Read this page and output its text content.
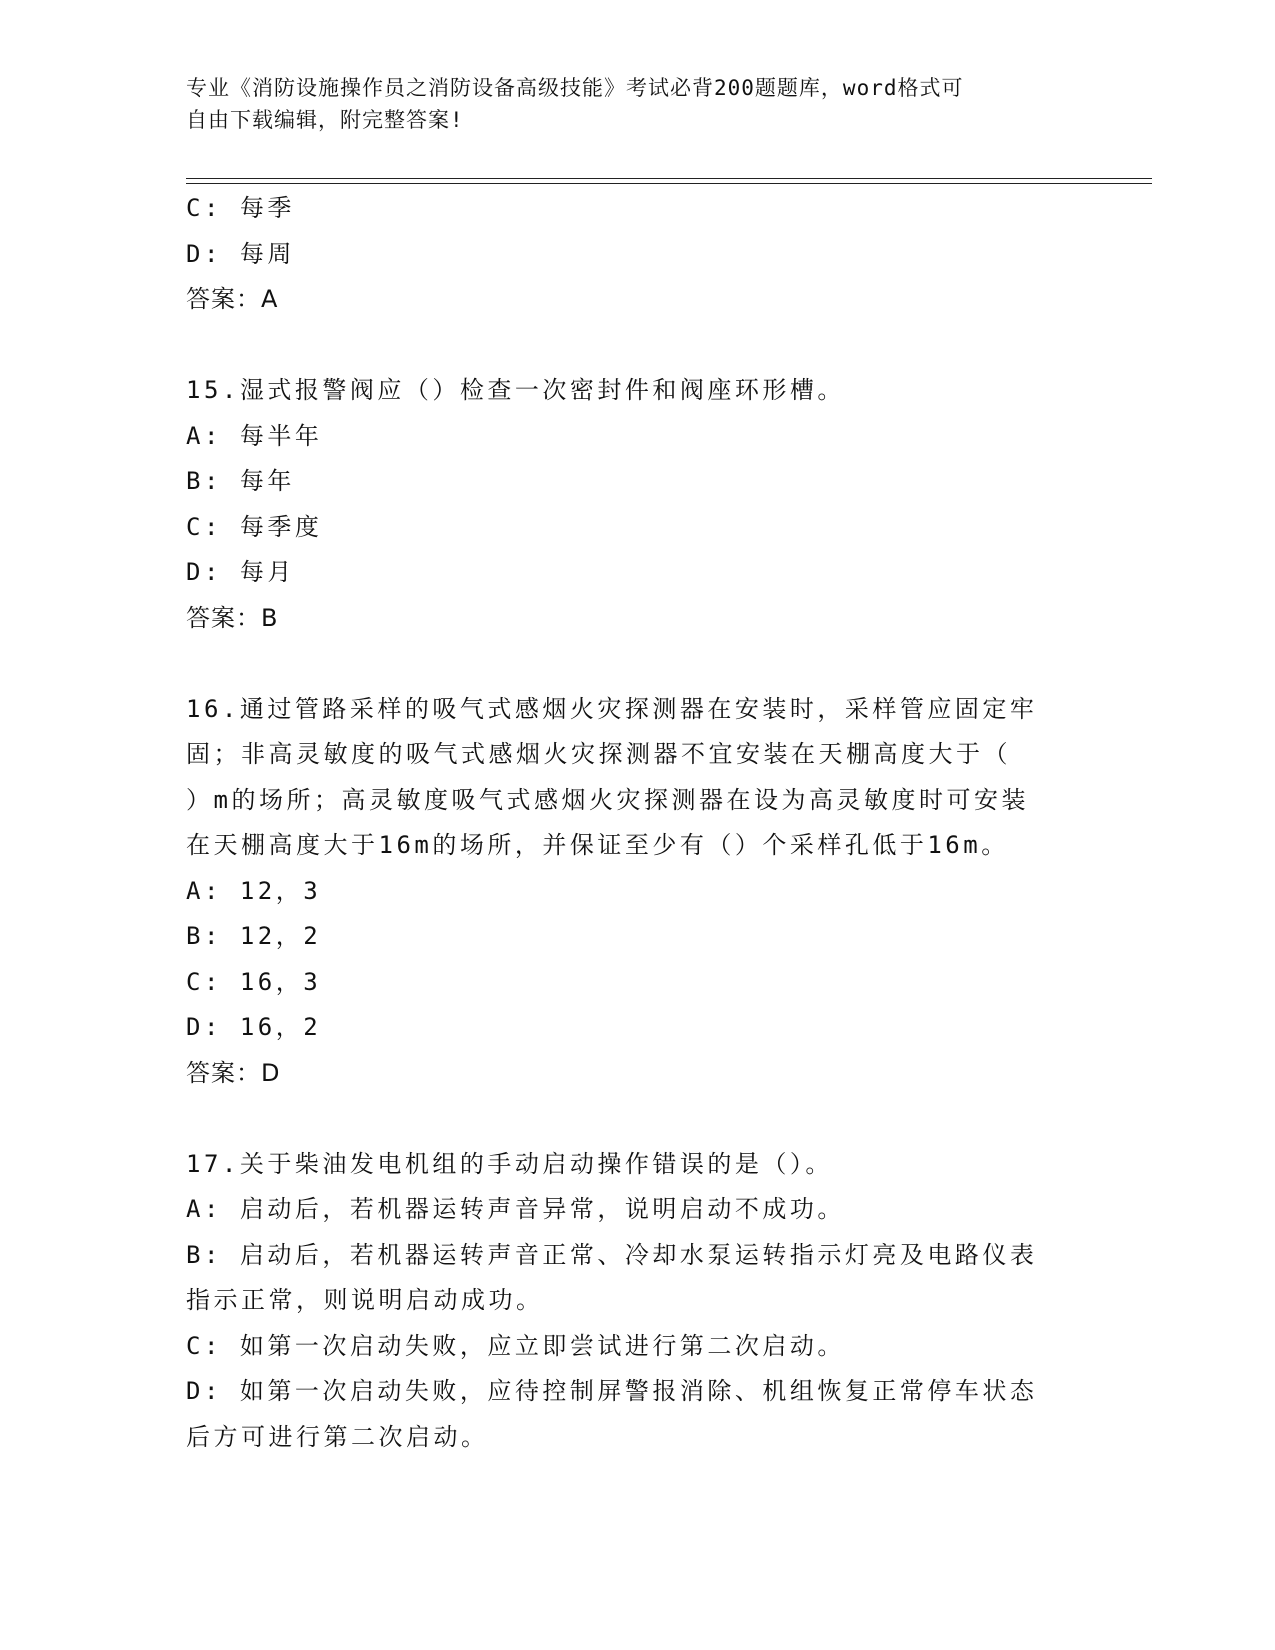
专业《消防设施操作员之消防设备高级技能》考试必背200题题库，word格式可
自由下载编辑，附完整答案!
C: 每季
D: 每周
答案：A
15.湿式报警阀应（）检查一次密封件和阀座环形槽。
A: 每半年
B: 每年
C: 每季度
D: 每月
答案：B
16.通过管路采样的吸气式感烟火灾探测器在安装时，采样管应固定牢
固；非高灵敏度的吸气式感烟火灾探测器不宜安装在天棚高度大于（
）m的场所；高灵敏度吸气式感烟火灾探测器在设为高灵敏度时可安装
在天棚高度大于16m的场所，并保证至少有（）个采样孔低于16m。
A: 12，3
B: 12，2
C: 16，3
D: 16，2
答案：D
17.关于柴油发电机组的手动启动操作错误的是（）。
A: 启动后，若机器运转声音异常，说明启动不成功。
B: 启动后，若机器运转声音正常、冷却水泵运转指示灯亮及电路仪表
指示正常，则说明启动成功。
C: 如第一次启动失败，应立即尝试进行第二次启动。
D: 如第一次启动失败，应待控制屏警报消除、机组恢复正常停车状态
后方可进行第二次启动。
